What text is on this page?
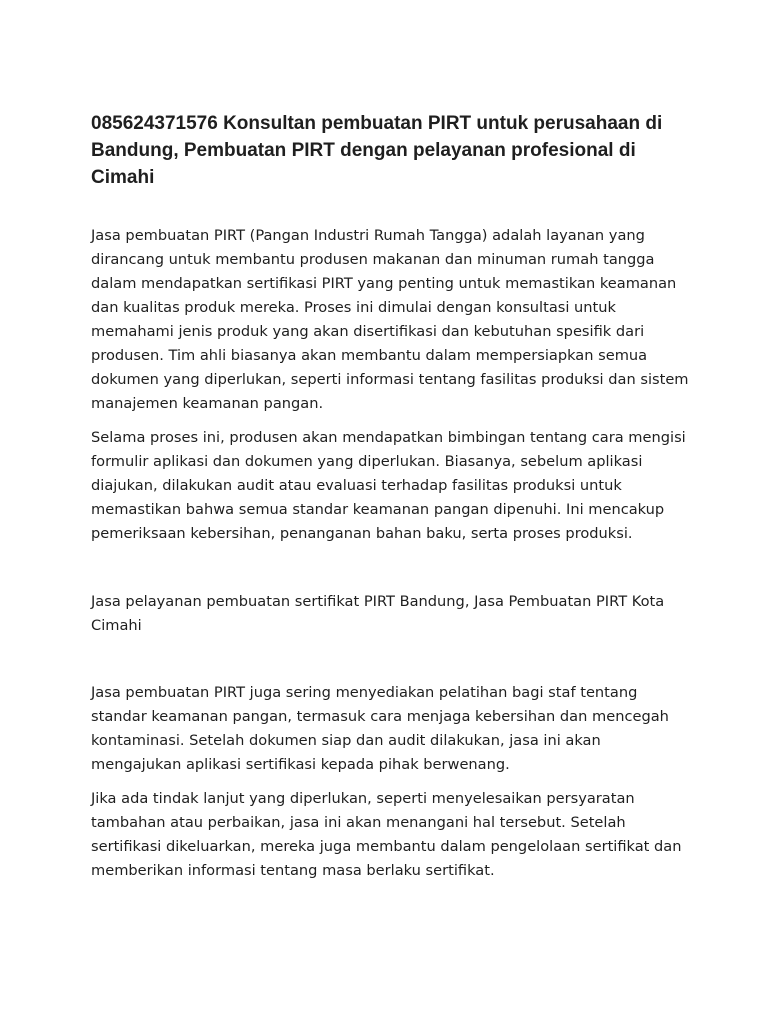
085624371576 Konsultan pembuatan PIRT untuk perusahaan di Bandung, Pembuatan PIRT dengan pelayanan profesional di Cimahi

Jasa pembuatan PIRT (Pangan Industri Rumah Tangga) adalah layanan yang dirancang untuk membantu produsen makanan dan minuman rumah tangga dalam mendapatkan sertifikasi PIRT yang penting untuk memastikan keamanan dan kualitas produk mereka. Proses ini dimulai dengan konsultasi untuk memahami jenis produk yang akan disertifikasi dan kebutuhan spesifik dari produsen. Tim ahli biasanya akan membantu dalam mempersiapkan semua dokumen yang diperlukan, seperti informasi tentang fasilitas produksi dan sistem manajemen keamanan pangan.

Selama proses ini, produsen akan mendapatkan bimbingan tentang cara mengisi formulir aplikasi dan dokumen yang diperlukan. Biasanya, sebelum aplikasi diajukan, dilakukan audit atau evaluasi terhadap fasilitas produksi untuk memastikan bahwa semua standar keamanan pangan dipenuhi. Ini mencakup pemeriksaan kebersihan, penanganan bahan baku, serta proses produksi.

Jasa pelayanan pembuatan sertifikat PIRT Bandung, Jasa Pembuatan PIRT Kota Cimahi

Jasa pembuatan PIRT juga sering menyediakan pelatihan bagi staf tentang standar keamanan pangan, termasuk cara menjaga kebersihan dan mencegah kontaminasi. Setelah dokumen siap dan audit dilakukan, jasa ini akan mengajukan aplikasi sertifikasi kepada pihak berwenang.

Jika ada tindak lanjut yang diperlukan, seperti menyelesaikan persyaratan tambahan atau perbaikan, jasa ini akan menangani hal tersebut. Setelah sertifikasi dikeluarkan, mereka juga membantu dalam pengelolaan sertifikat dan memberikan informasi tentang masa berlaku sertifikat.
